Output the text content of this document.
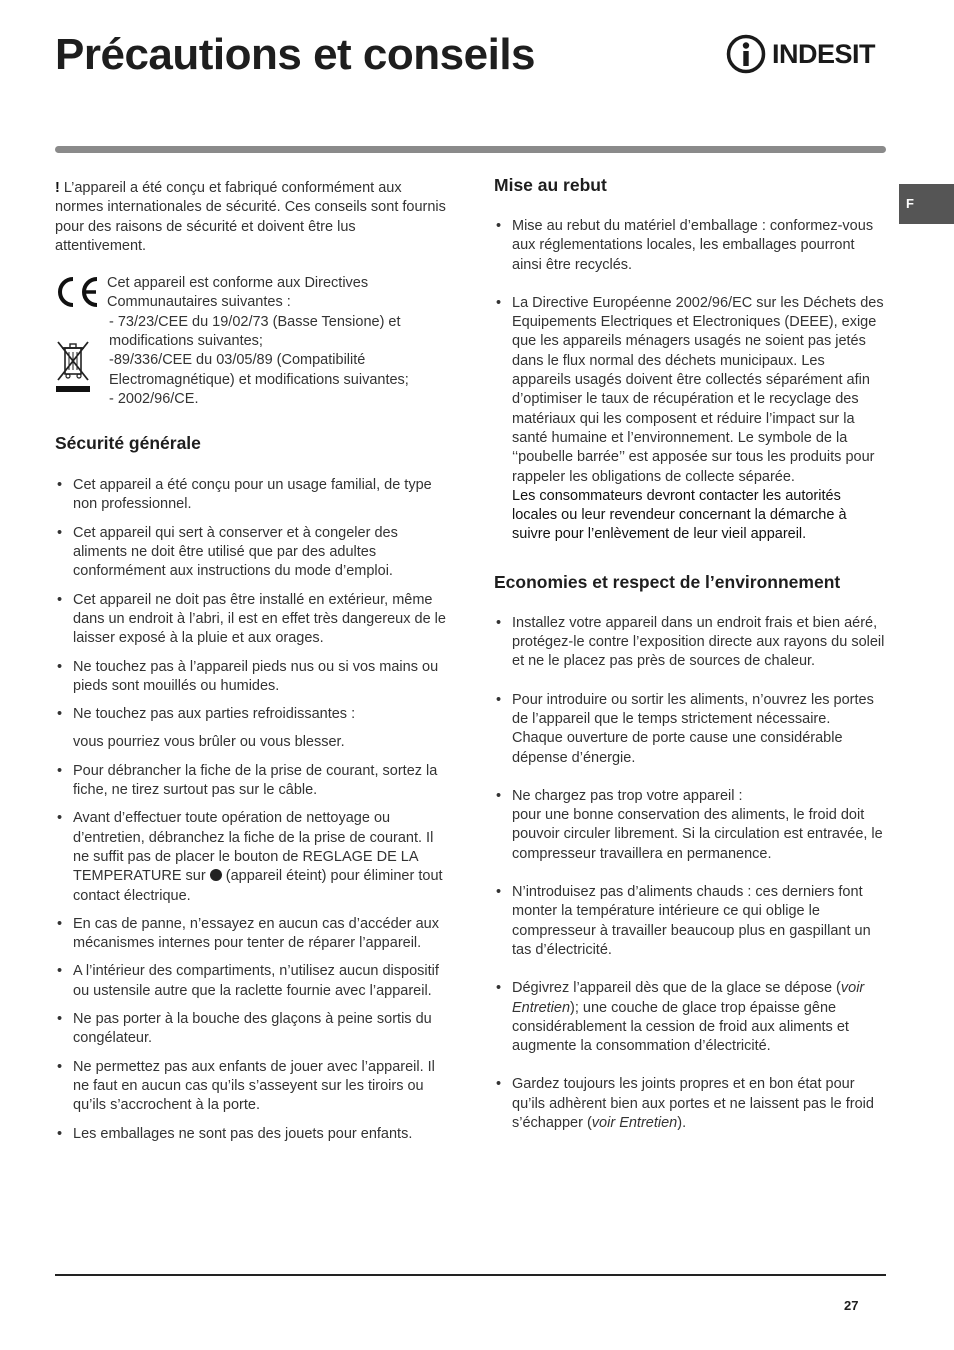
Précautions et conseils	INDESIT
F

! L’appareil a été conçu et fabriqué conformément aux normes internationales de sécurité. Ces conseils sont fournis pour des raisons de sécurité et doivent être lus attentivement.

Cet appareil est conforme aux Directives Communautaires suivantes :

- 73/23/CEE du 19/02/73 (Basse Tensione) et modifications suivantes;

-89/336/CEE du 03/05/89 (Compatibilité Electromagnétique) et modifications suivantes;

- 2002/96/CE.

Sécurité générale
• Cet appareil a été conçu pour un usage familial, de type non professionnel.
• Cet appareil qui sert à conserver et à congeler des aliments ne doit être utilisé que par des adultes conformément aux instructions du mode d’emploi.
• Cet appareil ne doit pas être installé en extérieur, même dans un endroit à l’abri, il est en effet très dangereux de le laisser exposé à la pluie et aux orages.
• Ne touchez pas à l’appareil pieds nus ou si vos mains ou pieds sont mouillés ou humides.
• Ne touchez pas aux parties refroidissantes :
vous pourriez vous brûler ou vous blesser.
• Pour débrancher la fiche de la prise de courant, sortez la fiche, ne tirez surtout pas sur le câble.
• Avant d’effectuer toute opération de nettoyage ou d’entretien, débranchez la fiche de la prise de courant. Il ne suffit pas de placer le bouton de REGLAGE DE LA TEMPERATURE sur (appareil éteint) pour éliminer tout contact électrique.
• En cas de panne, n’essayez en aucun cas d’accéder aux mécanismes internes pour tenter de réparer l’appareil.
• A l’intérieur des compartiments, n’utilisez aucun dispositif ou ustensile autre que la raclette fournie avec l’appareil.
• Ne pas porter à la bouche des glaçons à peine sortis du congélateur.
• Ne permettez pas aux enfants de jouer avec l’appareil. Il ne faut en aucun cas qu’ils s’asseyent sur les tiroirs ou qu’ils s’accrochent à la porte.
• Les emballages ne sont pas des jouets pour enfants.
Mise au rebut
• Mise au rebut du matériel d’emballage : conformez-vous aux réglementations locales, les emballages pourront ainsi être recyclés.
• La Directive Européenne 2002/96/EC sur les Déchets des Equipements Electriques et Electroniques (DEEE), exige que les appareils ménagers usagés ne soient pas jetés dans le flux normal des déchets municipaux. Les appareils usagés doivent être collectés séparément afin d’optimiser le taux de récupération et le recyclage des matériaux qui les composent et réduire l’impact sur la santé humaine et l’environnement. Le symbole de la ‘‘poubelle barrée’’ est apposée sur tous les produits pour rappeler les obligations de collecte séparée.
Les consommateurs devront contacter les autorités locales ou leur revendeur concernant la démarche à suivre pour l’enlèvement de leur vieil appareil.
Economies et respect de l’environnement
• Installez votre appareil dans un endroit frais et bien aéré, protégez-le contre l’exposition directe aux rayons du soleil et ne le placez pas près de sources de chaleur.
• Pour introduire ou sortir les aliments, n’ouvrez les portes de l’appareil que le temps strictement nécessaire.
Chaque ouverture de porte cause une considérable dépense d’énergie.
• Ne chargez pas trop votre appareil :
pour une bonne conservation des aliments, le froid doit pouvoir circuler librement. Si la circulation est entravée, le compresseur travaillera en permanence.
• N’introduisez pas d’aliments chauds : ces derniers font monter la température intérieure ce qui oblige le compresseur à travailler beaucoup plus en gaspillant un tas d’électricité.
• Dégivrez l’appareil dès que de la glace se dépose (voir Entretien); une couche de glace trop épaisse gêne considérablement la cession de froid aux aliments et augmente la consommation d’électricité.
• Gardez toujours les joints propres et en bon état pour qu’ils adhèrent bien aux portes et ne laissent pas le froid s’échapper (voir Entretien).
27
